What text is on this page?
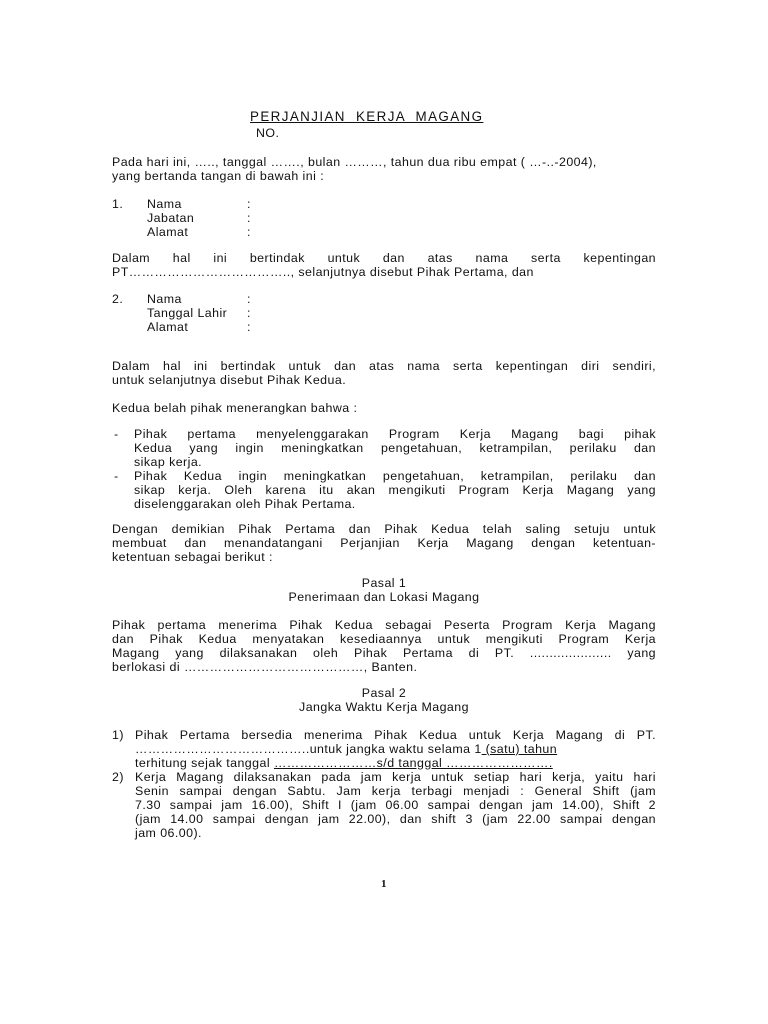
PERJANJIAN KERJA MAGANG

NO.

Pada hari ini, ….., tanggal ……., bulan ………, tahun dua ribu empat ( …-..-2004),

yang bertanda tangan di bawah ini :

1. Nama	:

Jabatan	:

Alamat	:

Dalam hal ini bertindak untuk dan atas nama serta kepentingan

PT……………………………….., selanjutnya disebut Pihak Pertama, dan

2. Nama	:

Tanggal Lahir :

Alamat	:

Dalam hal ini bertindak untuk dan atas nama serta kepentingan diri sendiri,

untuk selanjutnya disebut Pihak Kedua.

Kedua belah pihak menerangkan bahwa :

- Pihak pertama menyelenggarakan Program Kerja Magang bagi pihak

Kedua yang ingin meningkatkan pengetahuan, ketrampilan, perilaku dan

sikap kerja.

- Pihak Kedua ingin meningkatkan pengetahuan, ketrampilan, perilaku dan

sikap kerja. Oleh karena itu akan mengikuti Program Kerja Magang yang

diselenggarakan oleh Pihak Pertama.

Dengan demikian Pihak Pertama dan Pihak Kedua telah saling setuju untuk

membuat dan menandatangani Perjanjian Kerja Magang dengan ketentuan-

ketentuan sebagai berikut :

Pasal 1

Penerimaan dan Lokasi Magang

Pihak pertama menerima Pihak Kedua sebagai Peserta Program Kerja Magang

dan Pihak Kedua menyatakan kesediaannya untuk mengikuti Program Kerja

Magang yang dilaksanakan oleh Pihak Pertama di PT. ..................... yang

berlokasi di ……………………………………, Banten.

Pasal 2

Jangka Waktu Kerja Magang

1) Pihak Pertama bersedia menerima Pihak Kedua untuk Kerja Magang di PT.

…………………………………..untuk jangka waktu selama 1 (satu) tahun

terhitung sejak tanggal ……………………s/d tanggal …………………….

2) Kerja Magang dilaksanakan pada jam kerja untuk setiap hari kerja, yaitu hari

Senin sampai dengan Sabtu. Jam kerja terbagi menjadi : General Shift (jam

7.30 sampai jam 16.00), Shift I (jam 06.00 sampai dengan jam 14.00), Shift 2

(jam 14.00 sampai dengan jam 22.00), dan shift 3 (jam 22.00 sampai dengan

jam 06.00).

1
